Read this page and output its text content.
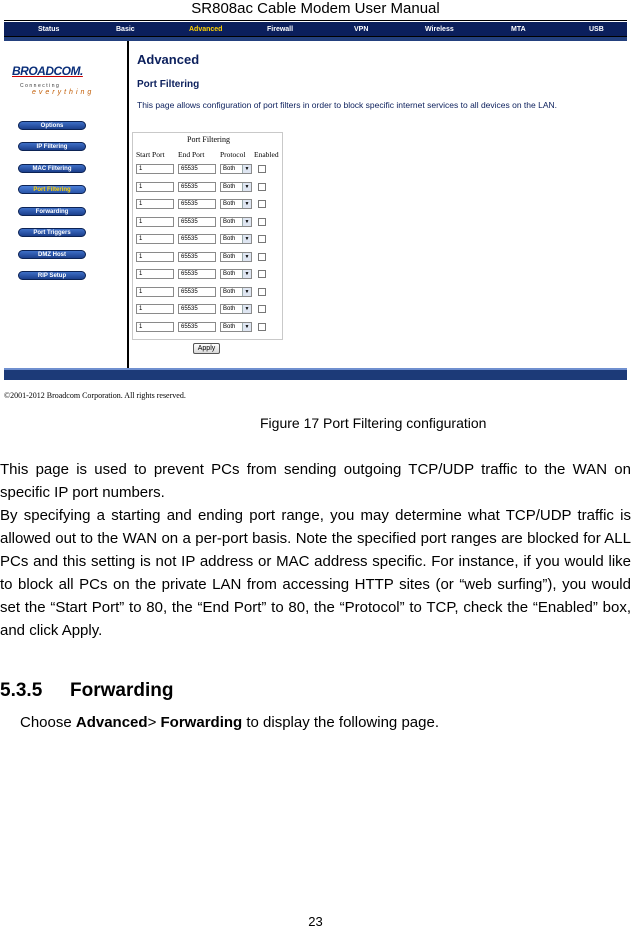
SR808ac Cable Modem User Manual
Status	Basic	Advanced	Firewall	VPN	Wireless	MTA	USB
BROADCOM.
Connecting
everything
Options
IP Filtering
MAC Filtering
Port Filtering
Forwarding
Port Triggers
DMZ Host
RIP Setup
Advanced
Port Filtering
This page allows configuration of port filters in order to block specific internet services to all devices on the LAN.
Port Filtering
Start Port End Port Protocol Enabled
1	65535	Both	▼
1	65535	Both	▼
1	65535	Both	▼
1	65535	Both	▼
1	65535	Both	▼
1	65535	Both	▼
1	65535	Both	▼
1	65535	Both	▼
1	65535	Both	▼
1	65535	Both	▼
Apply
©2001-2012 Broadcom Corporation. All rights reserved.
Figure 17 Port Filtering configuration

This page is used to prevent PCs from sending outgoing TCP/UDP traffic to the WAN on specific IP port numbers.

By specifying a starting and ending port range, you may determine what TCP/UDP traffic is allowed out to the WAN on a per-port basis. Note the specified port ranges are blocked for ALL PCs and this setting is not IP address or MAC address specific. For instance, if you would like to block all PCs on the private LAN from accessing HTTP sites (or “web surfing”), you would set the “Start Port” to 80, the “End Port” to 80, the “Protocol” to TCP, check the “Enabled” box, and click Apply.

5.3.5 Forwarding
Choose Advanced> Forwarding to display the following page.
23
